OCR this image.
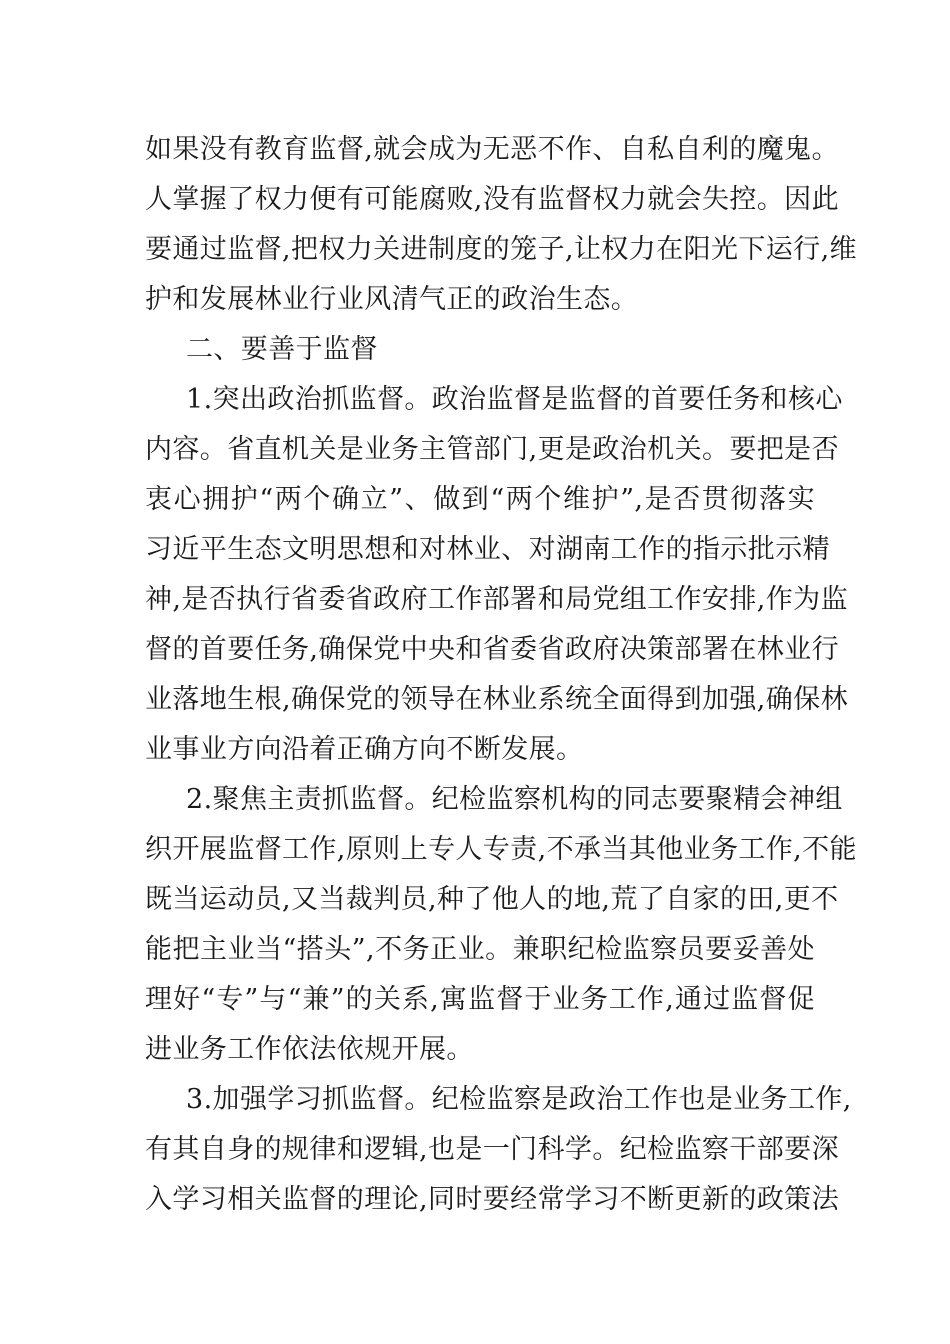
如果没有教育监督,就会成为无恶不作、自私自利的魔鬼。
人掌握了权力便有可能腐败,没有监督权力就会失控。因此
要通过监督,把权力关进制度的笼子,让权力在阳光下运行,维
护和发展林业行业风清气正的政治生态。
二、要善于监督
1.突出政治抓监督。政治监督是监督的首要任务和核心
内容。省直机关是业务主管部门,更是政治机关。要把是否
衷心拥护“两个确立”、做到“两个维护”,是否贯彻落实
习近平生态文明思想和对林业、对湖南工作的指示批示精
神,是否执行省委省政府工作部署和局党组工作安排,作为监
督的首要任务,确保党中央和省委省政府决策部署在林业行
业落地生根,确保党的领导在林业系统全面得到加强,确保林
业事业方向沿着正确方向不断发展。
2.聚焦主责抓监督。纪检监察机构的同志要聚精会神组
织开展监督工作,原则上专人专责,不承当其他业务工作,不能
既当运动员,又当裁判员,种了他人的地,荒了自家的田,更不
能把主业当“搭头”,不务正业。兼职纪检监察员要妥善处
理好“专”与“兼”的关系,寓监督于业务工作,通过监督促
进业务工作依法依规开展。
3.加强学习抓监督。纪检监察是政治工作也是业务工作,
有其自身的规律和逻辑,也是一门科学。纪检监察干部要深
入学习相关监督的理论,同时要经常学习不断更新的政策法
